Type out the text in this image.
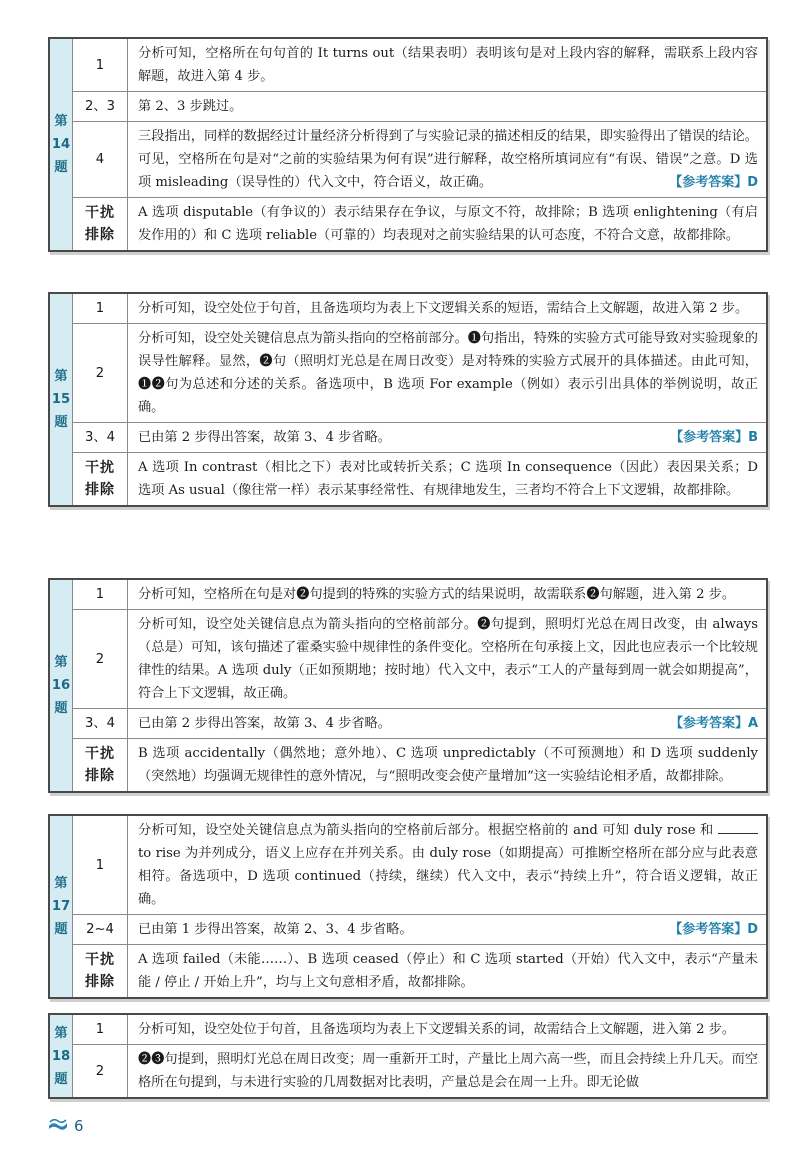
第
14
题	1	分析可知，空格所在句句首的 It turns out（结果表明）表明该句是对上段内容的解释，需联系上段内容解题，故进入第 4 步。
	2、3	第 2、3 步跳过。
	4	三段指出，同样的数据经过计量经济分析得到了与实验记录的描述相反的结果，即实验得出了错误的结论。可见，空格所在句是对“之前的实验结果为何有误”进行解释，故空格所填词应有“有误、错误”之意。D 选项 misleading（误导性的）代入文中，符合语义，故正确。 【参考答案】D

	干扰
排除	A 选项 disputable（有争议的）表示结果存在争议，与原文不符，故排除；B 选项 enlightening（有启发作用的）和 C 选项 reliable（可靠的）均表现对之前实验结果的认可态度，不符合文意，故都排除。
第
15
题	1	分析可知，设空处位于句首，且备选项均为表上下文逻辑关系的短语，需结合上文解题，故进入第 2 步。
	2	分析可知，设空处关键信息点为箭头指向的空格前部分。❶句指出，特殊的实验方式可能导致对实验现象的误导性解释。显然，❷句（照明灯光总是在周日改变）是对特殊的实验方式展开的具体描述。由此可知，❶❷句为总述和分述的关系。备选项中，B 选项 For example（例如）表示引出具体的举例说明，故正确。
	3、4	已由第 2 步得出答案，故第 3、4 步省略。 【参考答案】B

	干扰
排除	A 选项 In contrast（相比之下）表对比或转折关系；C 选项 In consequence（因此）表因果关系；D 选项 As usual（像往常一样）表示某事经常性、有规律地发生，三者均不符合上下文逻辑，故都排除。
第
16
题	1	分析可知，空格所在句是对❷句提到的特殊的实验方式的结果说明，故需联系❷句解题，进入第 2 步。
	2	分析可知，设空处关键信息点为箭头指向的空格前部分。❷句提到，照明灯光总在周日改变，由 always（总是）可知，该句描述了霍桑实验中规律性的条件变化。空格所在句承接上文，因此也应表示一个比较规律性的结果。A 选项 duly（正如预期地；按时地）代入文中，表示“工人的产量每到周一就会如期提高”，符合上下文逻辑，故正确。
	3、4	已由第 2 步得出答案，故第 3、4 步省略。 【参考答案】A

	干扰
排除	B 选项 accidentally（偶然地；意外地）、C 选项 unpredictably（不可预测地）和 D 选项 suddenly（突然地）均强调无规律性的意外情况，与“照明改变会使产量增加”这一实验结论相矛盾，故都排除。
第
17
题	1	分析可知，设空处关键信息点为箭头指向的空格前后部分。根据空格前的 and 可知 duly rose 和  to rise 为并列成分，语义上应存在并列关系。由 duly rose（如期提高）可推断空格所在部分应与此表意相符。备选项中，D 选项 continued（持续，继续）代入文中，表示“持续上升”，符合语义逻辑，故正确。
	2~4	已由第 1 步得出答案，故第 2、3、4 步省略。 【参考答案】D

	干扰
排除	A 选项 failed（未能……）、B 选项 ceased（停止）和 C 选项 started（开始）代入文中，表示“产量未能 / 停止 / 开始上升”，均与上文句意相矛盾，故都排除。
第
18
题	1	分析可知，设空处位于句首，且备选项均为表上下文逻辑关系的词，故需结合上文解题，进入第 2 步。
	2	❷❸句提到，照明灯光总在周日改变；周一重新开工时，产量比上周六高一些，而且会持续上升几天。而空格所在句提到，与未进行实验的几周数据对比表明，产量总是会在周一上升。即无论做
6
